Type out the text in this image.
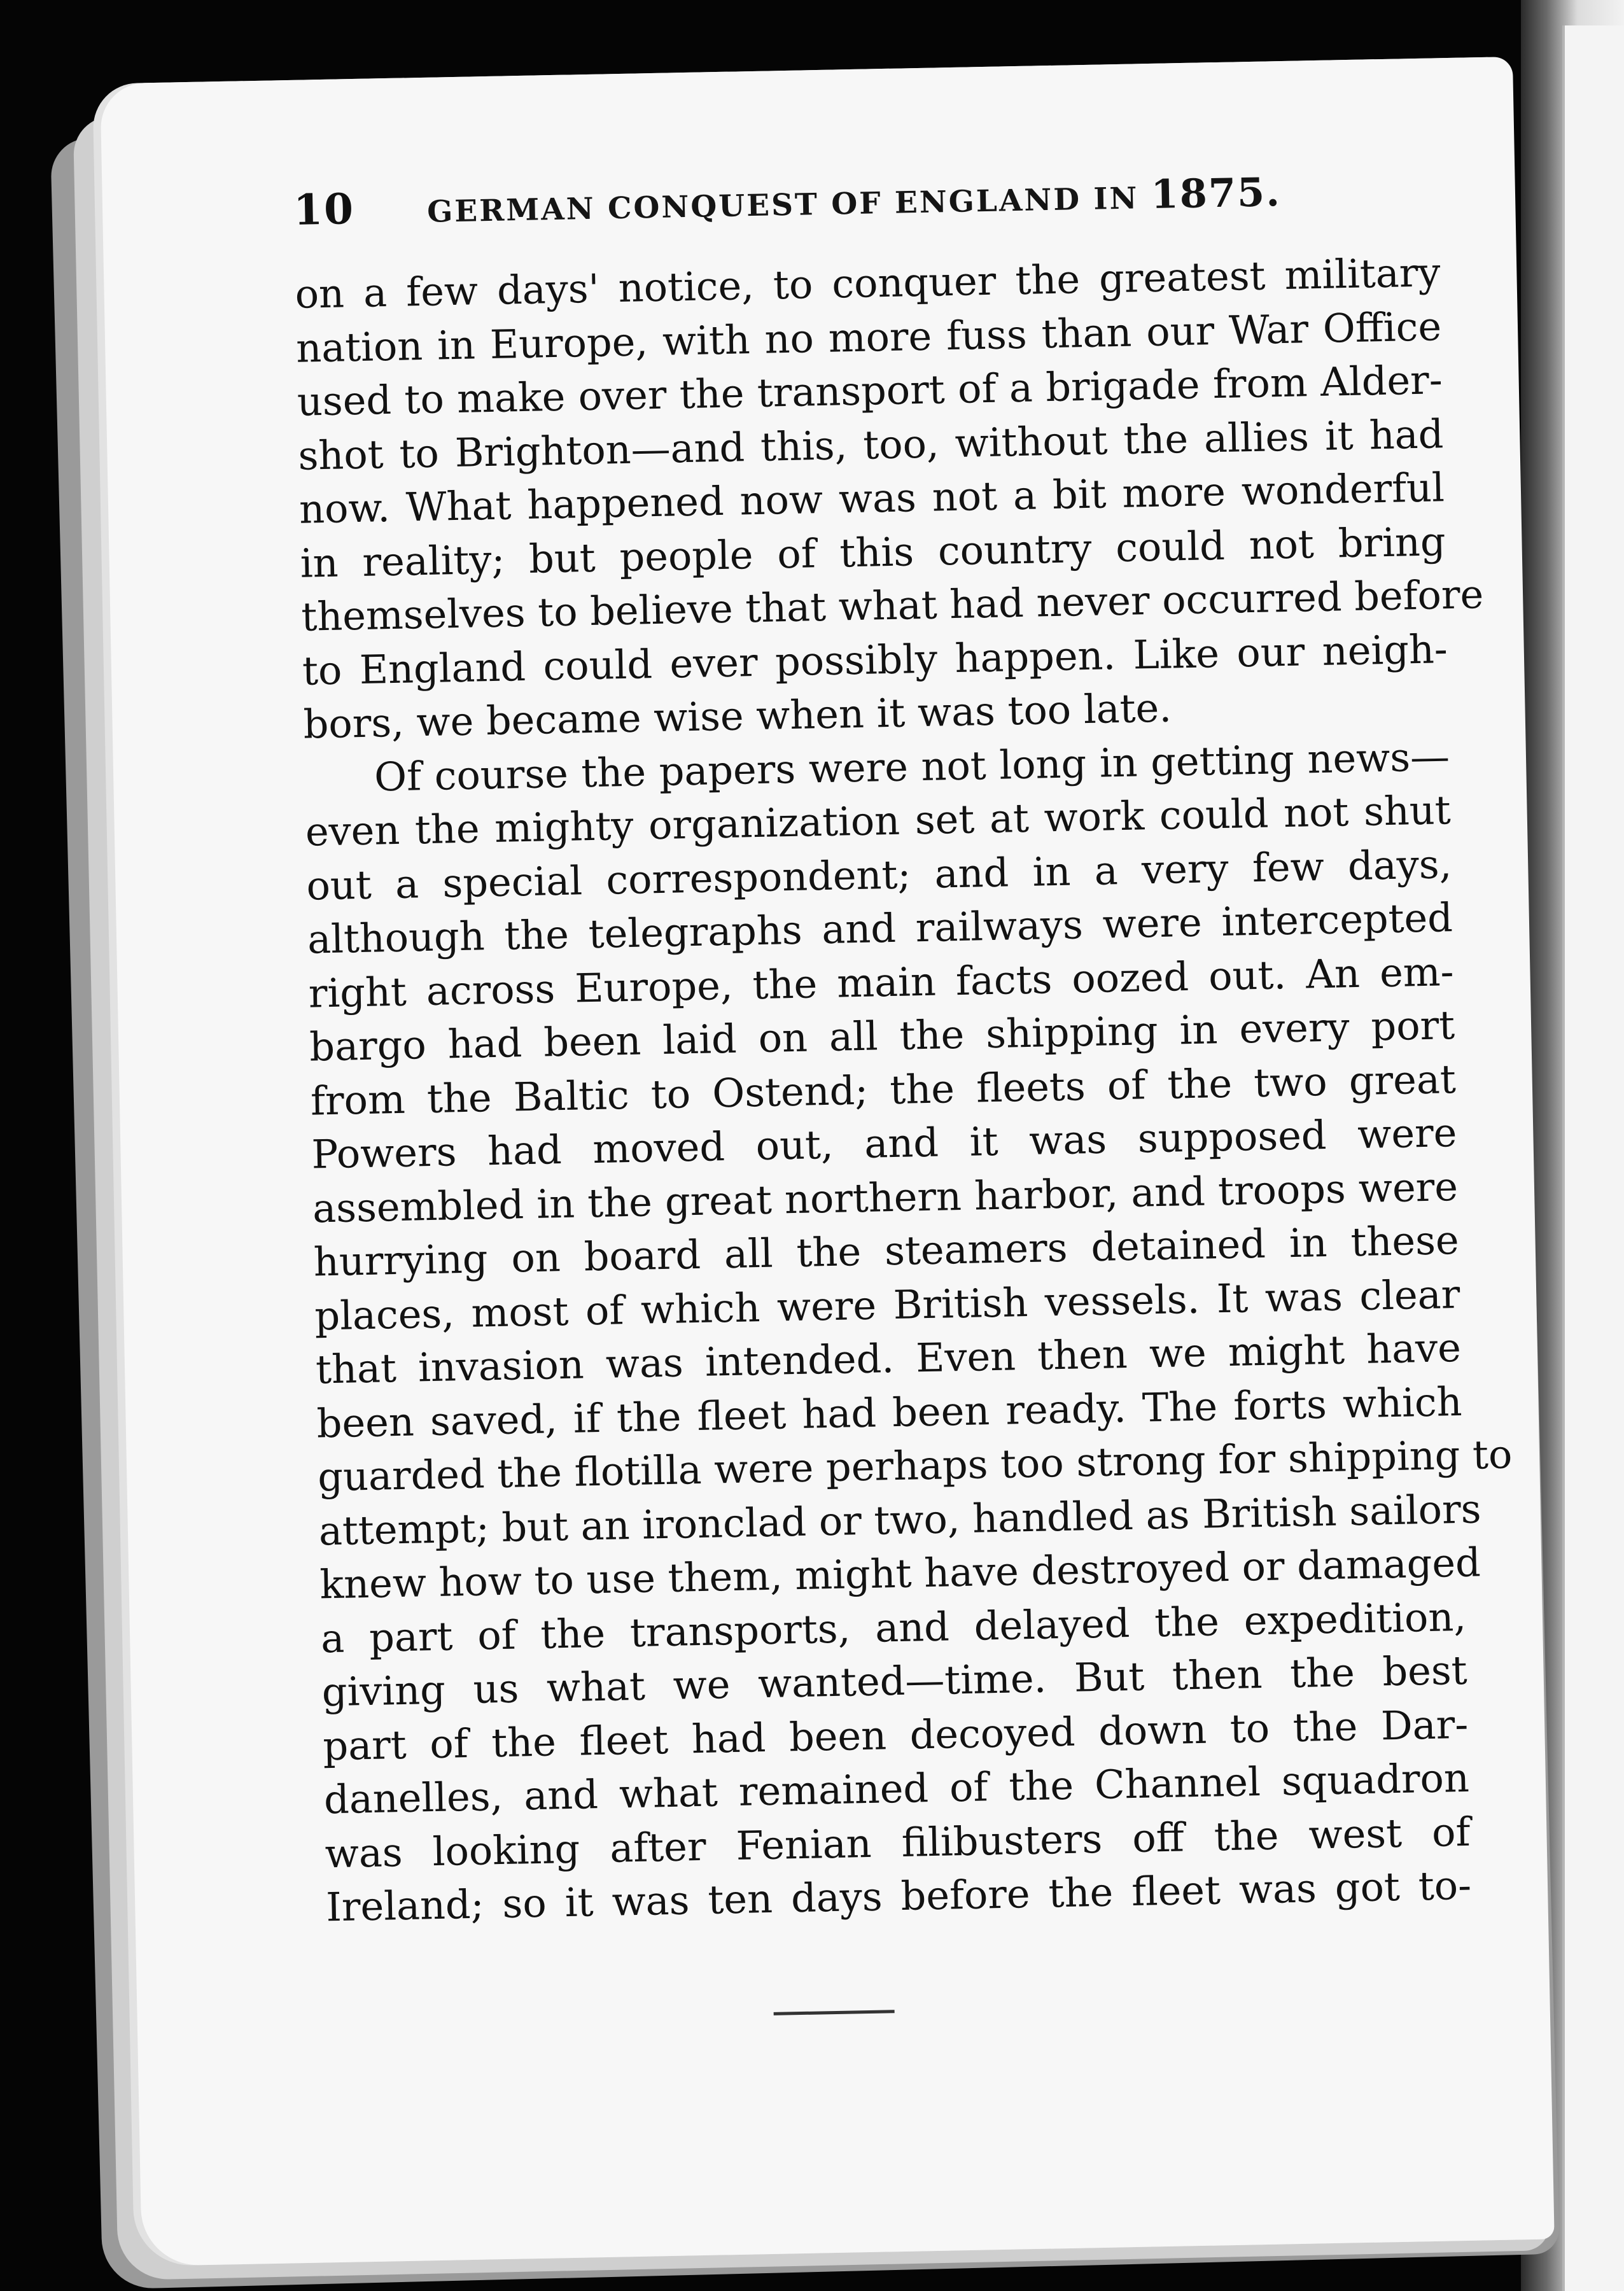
10	GERMAN CONQUEST OF ENGLAND IN 1875.
on a few days' notice, to conquer the greatest military
nation in Europe, with no more fuss than our War Office
used to make over the transport of a brigade from Alder-
shot to Brighton—and this, too, without the allies it had
now. What happened now was not a bit more wonderful
in reality; but people of this country could not bring
themselves to believe that what had never occurred before
to England could ever possibly happen. Like our neigh-
bors, we became wise when it was too late.
Of course the papers were not long in getting news—
even the mighty organization set at work could not shut
out a special correspondent; and in a very few days,
although the telegraphs and railways were intercepted
right across Europe, the main facts oozed out. An em-
bargo had been laid on all the shipping in every port
from the Baltic to Ostend; the fleets of the two great
Powers had moved out, and it was supposed were
assembled in the great northern harbor, and troops were
hurrying on board all the steamers detained in these
places, most of which were British vessels. It was clear
that invasion was intended. Even then we might have
been saved, if the fleet had been ready. The forts which
guarded the flotilla were perhaps too strong for shipping to
attempt; but an ironclad or two, handled as British sailors
knew how to use them, might have destroyed or damaged
a part of the transports, and delayed the expedition,
giving us what we wanted—time. But then the best
part of the fleet had been decoyed down to the Dar-
danelles, and what remained of the Channel squadron
was looking after Fenian filibusters off the west of
Ireland; so it was ten days before the fleet was got to-
